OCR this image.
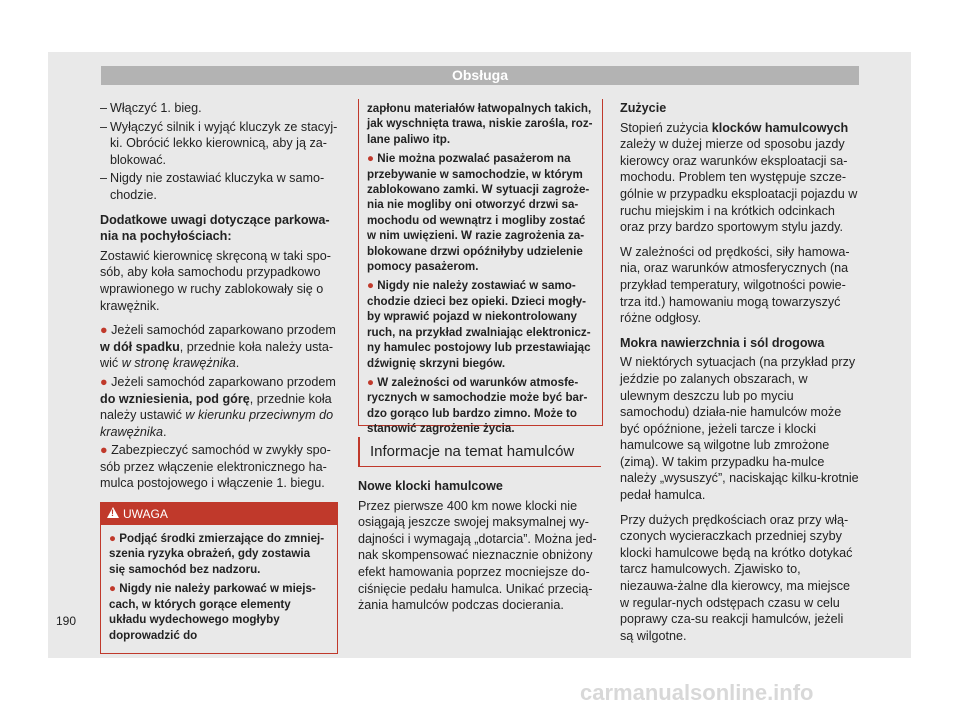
Obsługa
– Włączyć 1. bieg.
– Wyłączyć silnik i wyjąć kluczyk ze stacyj-ki. Obrócić lekko kierownicą, aby ją za-blokować.
– Nigdy nie zostawiać kluczyka w samo-chodzie.
Dodatkowe uwagi dotyczące parkowa-nia na pochyłościach:

Zostawić kierownicę skręconą w taki spo-sób, aby koła samochodu przypadkowo wprawionego w ruchy zablokowały się o krawężnik.

● Jeżeli samochód zaparkowano przodem w dół spadku, przednie koła należy usta-wić w stronę krawężnika.

● Jeżeli samochód zaparkowano przodem do wzniesienia, pod górę, przednie koła należy ustawić w kierunku przeciwnym do krawężnika.

● Zabezpieczyć samochód w zwykły spo-sób przez włączenie elektronicznego ha-mulca postojowego i włączenie 1. biegu.

!
UWAGA

● Podjąć środki zmierzające do zmniej-szenia ryzyka obrażeń, gdy zostawia się samochód bez nadzoru.

● Nigdy nie należy parkować w miejs-cach, w których gorące elementy układu wydechowego mogłyby doprowadzić do

zapłonu materiałów łatwopalnych takich, jak wyschnięta trawa, niskie zarośla, roz-lane paliwo itp.

● Nie można pozwalać pasażerom na przebywanie w samochodzie, w którym zablokowano zamki. W sytuacji zagroże-nia nie mogliby oni otworzyć drzwi sa-mochodu od wewnątrz i mogliby zostać w nim uwięzieni. W razie zagrożenia za-blokowane drzwi opóźniłyby udzielenie pomocy pasażerom.

● Nigdy nie należy zostawiać w samo-chodzie dzieci bez opieki. Dzieci mogły-by wprawić pojazd w niekontrolowany ruch, na przykład zwalniając elektronicz-ny hamulec postojowy lub przestawiając dźwignię skrzyni biegów.

● W zależności od warunków atmosfe-rycznych w samochodzie może być bar-dzo gorąco lub bardzo zimno. Może to stanowić zagrożenie życia.

Informacje na temat hamulców
Nowe klocki hamulcowe

Przez pierwsze 400 km nowe klocki nie osiągają jeszcze swojej maksymalnej wy-dajności i wymagają „dotarcia”. Można jed-nak skompensować nieznacznie obniżony efekt hamowania poprzez mocniejsze do-ciśnięcie pedału hamulca. Unikać przecią-żania hamulców podczas docierania.

Zużycie

Stopień zużycia klocków hamulcowych zależy w dużej mierze od sposobu jazdy kierowcy oraz warunków eksploatacji sa-mochodu. Problem ten występuje szcze-gólnie w przypadku eksploatacji pojazdu w ruchu miejskim i na krótkich odcinkach oraz przy bardzo sportowym stylu jazdy.

W zależności od prędkości, siły hamowa-nia, oraz warunków atmosferycznych (na przykład temperatury, wilgotności powie-trza itd.) hamowaniu mogą towarzyszyć różne odgłosy.

Mokra nawierzchnia i sól drogowa

W niektórych sytuacjach (na przykład przy jeździe po zalanych obszarach, w ulewnym deszczu lub po myciu samochodu) działa-nie hamulców może być opóźnione, jeżeli tarcze i klocki hamulcowe są wilgotne lub zmrożone (zimą). W takim przypadku ha-mulce należy „wysuszyć”, naciskając kilku-krotnie pedał hamulca.

Przy dużych prędkościach oraz przy włą-czonych wycieraczkach przedniej szyby klocki hamulcowe będą na krótko dotykać tarcz hamulcowych. Zjawisko to, niezauwa-żalne dla kierowcy, ma miejsce w regular-nych odstępach czasu w celu poprawy cza-su reakcji hamulców, jeżeli są wilgotne.

190
carmanualsonline.info
